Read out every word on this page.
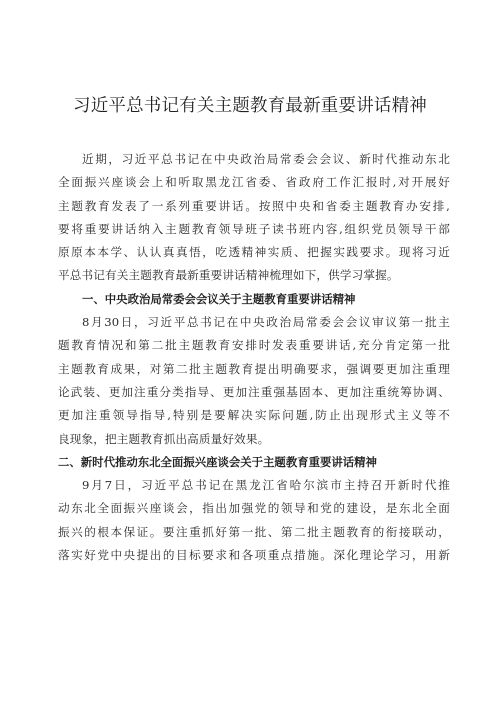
习近平总书记有关主题教育最新重要讲话精神
近期，习近平总书记在中央政治局常委会会议、新时代推动东北
全面振兴座谈会上和听取黑龙江省委、省政府工作汇报时,对开展好
主题教育发表了一系列重要讲话。按照中央和省委主题教育办安排,
要将重要讲话纳入主题教育领导班子读书班内容,组织党员领导干部
原原本本学、认认真真悟，吃透精神实质、把握实践要求。现将习近
平总书记有关主题教育最新重要讲话精神梳理如下，供学习掌握。
一、中央政治局常委会会议关于主题教育重要讲话精神
8月30日，习近平总书记在中央政治局常委会会议审议第一批主
题教育情况和第二批主题教育安排时发表重要讲话,充分肯定第一批
主题教育成果，对第二批主题教育提出明确要求，强调要更加注重理
论武装、更加注重分类指导、更加注重强基固本、更加注重统筹协调、
更加注重领导指导,特别是要解决实际问题,防止出现形式主义等不
良现象，把主题教育抓出高质量好效果。
二、新时代推动东北全面振兴座谈会关于主题教育重要讲话精神
9月7日，习近平总书记在黑龙江省哈尔滨市主持召开新时代推
动东北全面振兴座谈会，指出加强党的领导和党的建设，是东北全面
振兴的根本保证。要注重抓好第一批、第二批主题教育的衔接联动，
落实好党中央提出的目标要求和各项重点措施。深化理论学习，用新
